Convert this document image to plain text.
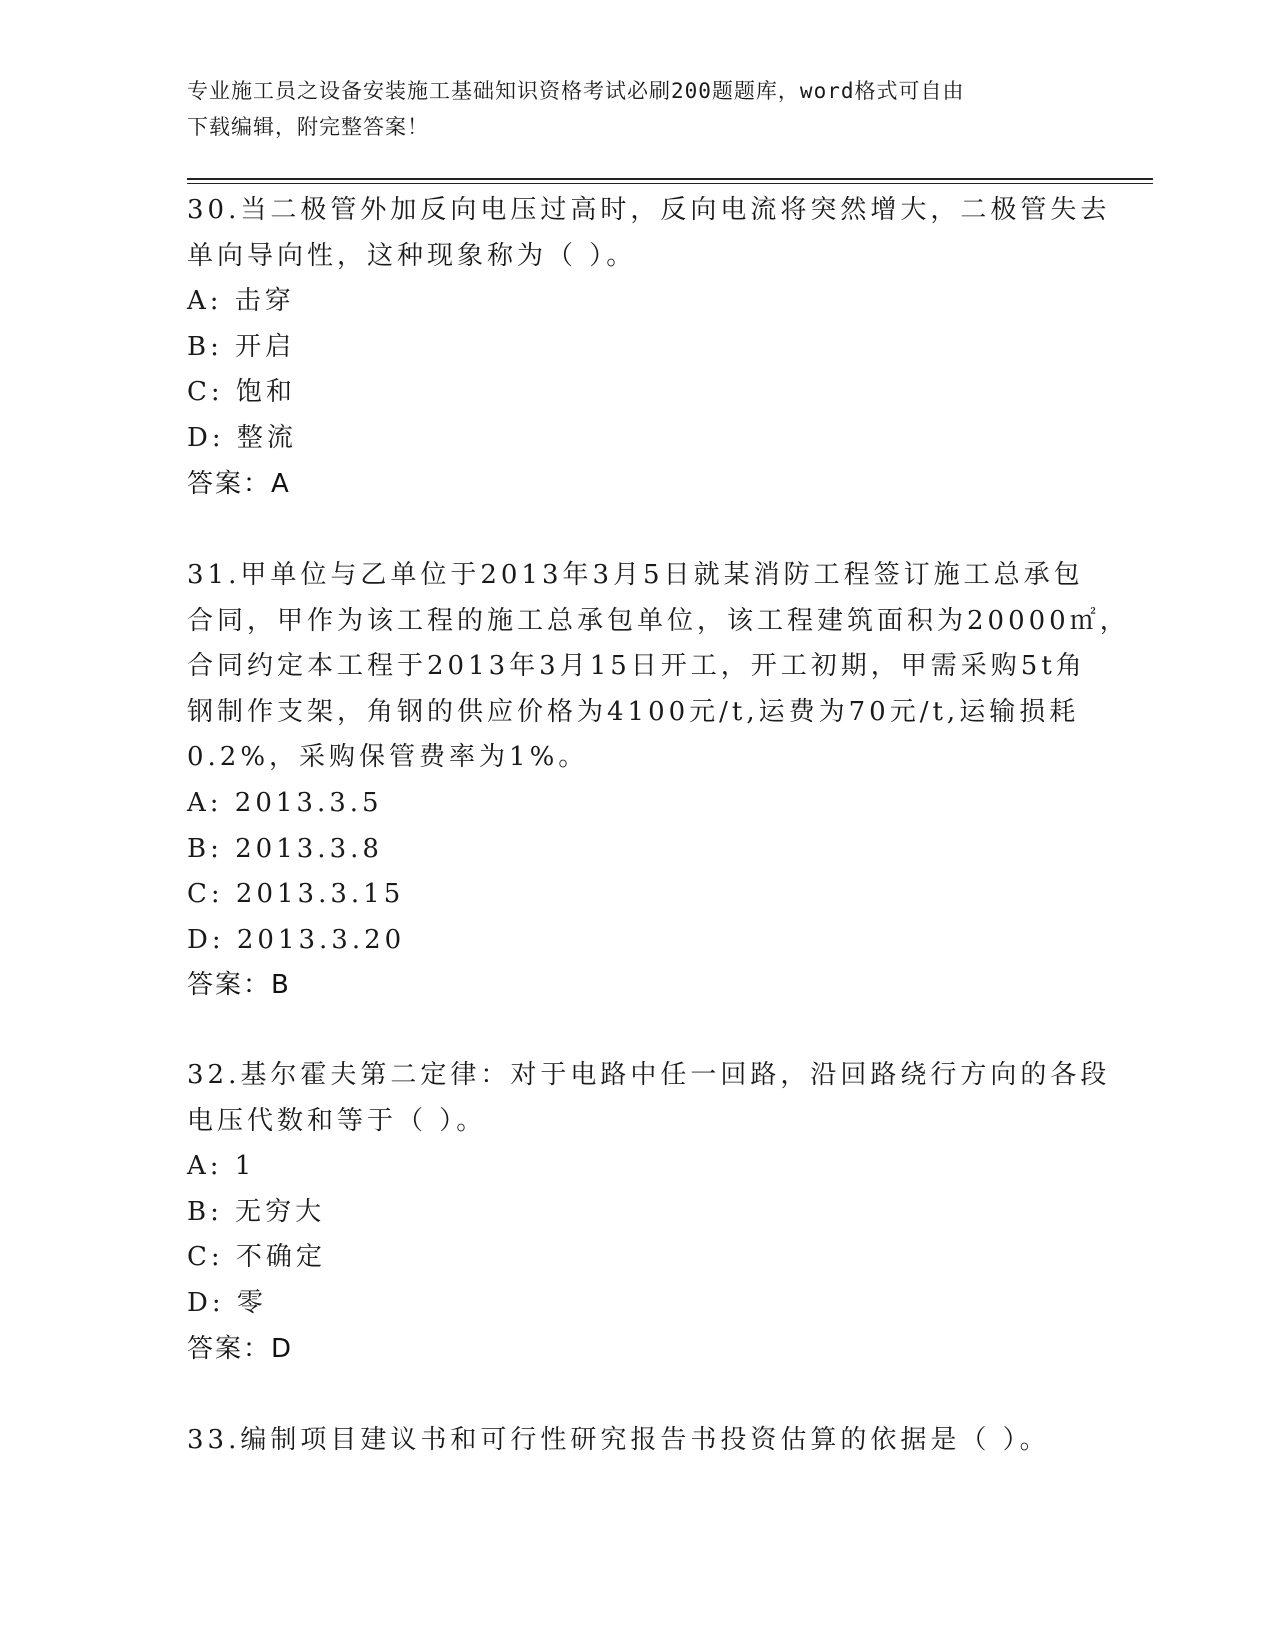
专业施工员之设备安装施工基础知识资格考试必刷200题题库，word格式可自由
下载编辑，附完整答案！
30.当二极管外加反向电压过高时，反向电流将突然增大，二极管失去
单向导向性，这种现象称为（ ）。
A: 击穿
B: 开启
C: 饱和
D: 整流
答案：A
31.甲单位与乙单位于2013年3月5日就某消防工程签订施工总承包
合同，甲作为该工程的施工总承包单位，该工程建筑面积为20000㎡，
合同约定本工程于2013年3月15日开工，开工初期，甲需采购5t角
钢制作支架，角钢的供应价格为4100元/t,运费为70元/t,运输损耗
0.2%，采购保管费率为1%。
A: 2013.3.5
B: 2013.3.8
C: 2013.3.15
D: 2013.3.20
答案：B
32.基尔霍夫第二定律：对于电路中任一回路，沿回路绕行方向的各段
电压代数和等于（ ）。
A: 1
B: 无穷大
C: 不确定
D: 零
答案：D
33.编制项目建议书和可行性研究报告书投资估算的依据是（ ）。
